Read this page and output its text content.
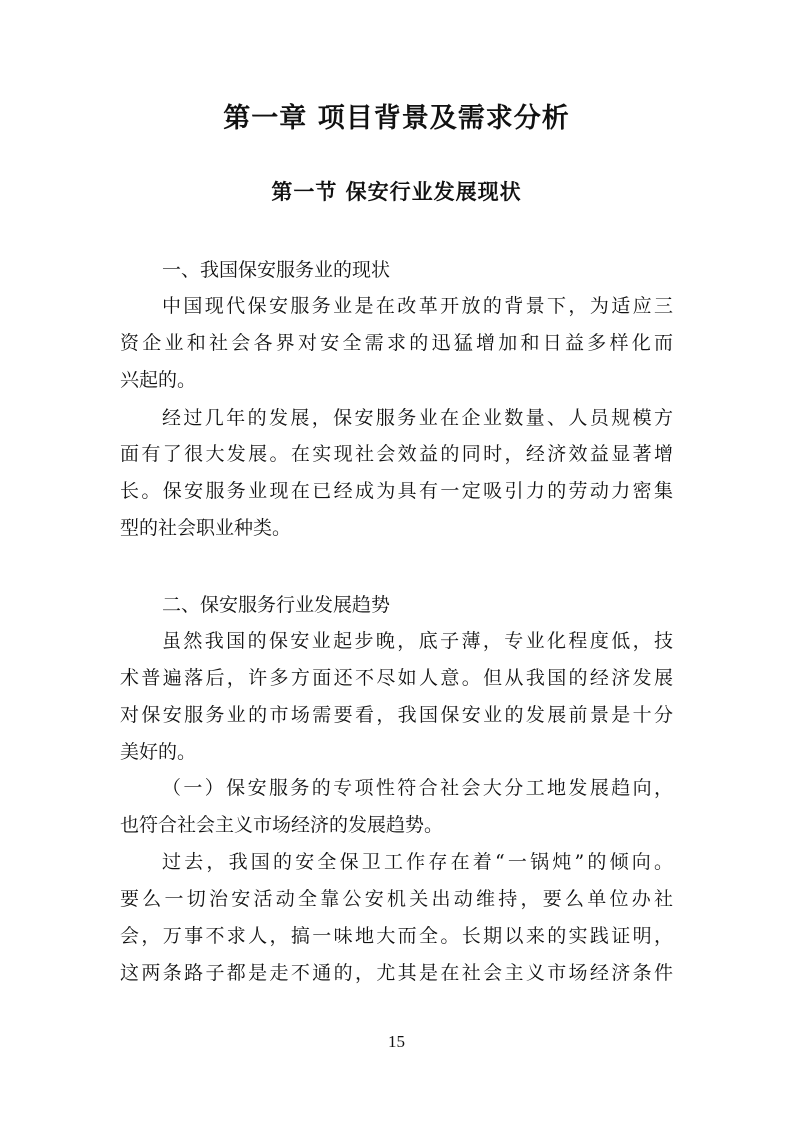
第一章 项目背景及需求分析
第一节 保安行业发展现状
一、我国保安服务业的现状
中国现代保安服务业是在改革开放的背景下，为适应三
资企业和社会各界对安全需求的迅猛增加和日益多样化而
兴起的。
经过几年的发展，保安服务业在企业数量、人员规模方
面有了很大发展。在实现社会效益的同时，经济效益显著增
长。保安服务业现在已经成为具有一定吸引力的劳动力密集
型的社会职业种类。
二、保安服务行业发展趋势
虽然我国的保安业起步晚，底子薄，专业化程度低，技
术普遍落后，许多方面还不尽如人意。但从我国的经济发展
对保安服务业的市场需要看，我国保安业的发展前景是十分
美好的。
（一）保安服务的专项性符合社会大分工地发展趋向，
也符合社会主义市场经济的发展趋势。
过去，我国的安全保卫工作存在着“一锅炖”的倾向。
要么一切治安活动全靠公安机关出动维持，要么单位办社
会，万事不求人，搞一味地大而全。长期以来的实践证明，
这两条路子都是走不通的，尤其是在社会主义市场经济条件
15
